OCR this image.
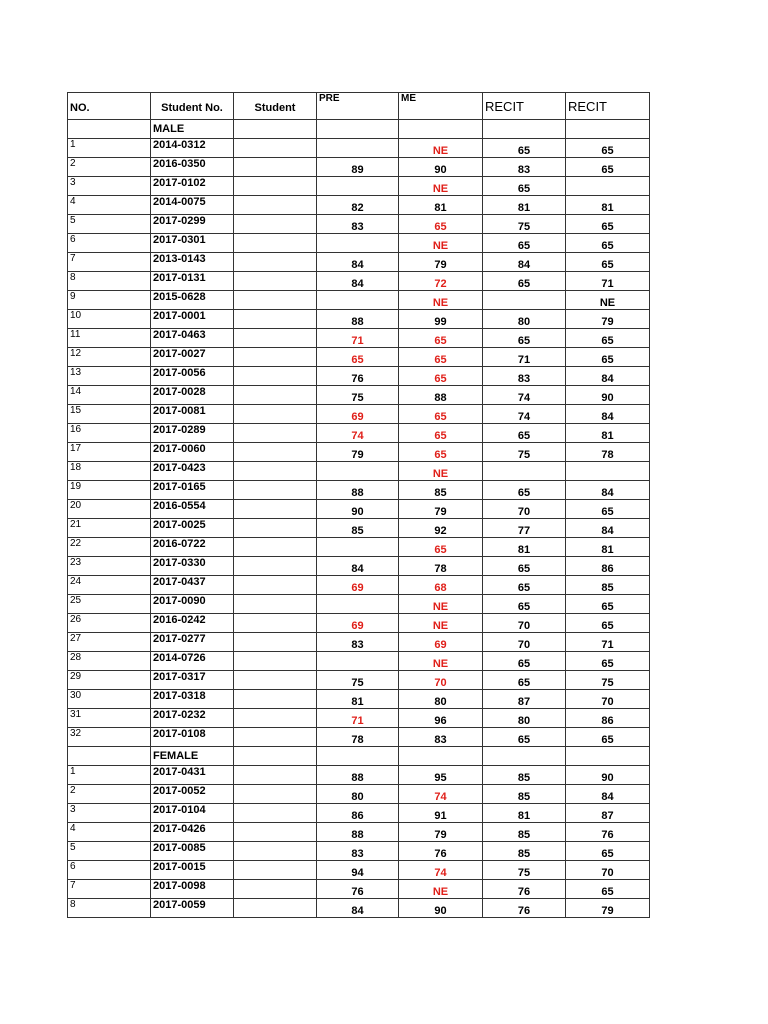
NO.	Student No.	Student	PRE	ME	RECIT	RECIT
	MALE					
1	2014-0312			NE	65	65
2	2016-0350		89	90	83	65
3	2017-0102			NE	65	
4	2014-0075		82	81	81	81
5	2017-0299		83	65	75	65
6	2017-0301			NE	65	65
7	2013-0143		84	79	84	65
8	2017-0131		84	72	65	71
9	2015-0628			NE		NE
10	2017-0001		88	99	80	79
11	2017-0463		71	65	65	65
12	2017-0027		65	65	71	65
13	2017-0056		76	65	83	84
14	2017-0028		75	88	74	90
15	2017-0081		69	65	74	84
16	2017-0289		74	65	65	81
17	2017-0060		79	65	75	78
18	2017-0423			NE		
19	2017-0165		88	85	65	84
20	2016-0554		90	79	70	65
21	2017-0025		85	92	77	84
22	2016-0722			65	81	81
23	2017-0330		84	78	65	86
24	2017-0437		69	68	65	85
25	2017-0090			NE	65	65
26	2016-0242		69	NE	70	65
27	2017-0277		83	69	70	71
28	2014-0726			NE	65	65
29	2017-0317		75	70	65	75
30	2017-0318		81	80	87	70
31	2017-0232		71	96	80	86
32	2017-0108		78	83	65	65
	FEMALE					
1	2017-0431		88	95	85	90
2	2017-0052		80	74	85	84
3	2017-0104		86	91	81	87
4	2017-0426		88	79	85	76
5	2017-0085		83	76	85	65
6	2017-0015		94	74	75	70
7	2017-0098		76	NE	76	65
8	2017-0059		84	90	76	79
